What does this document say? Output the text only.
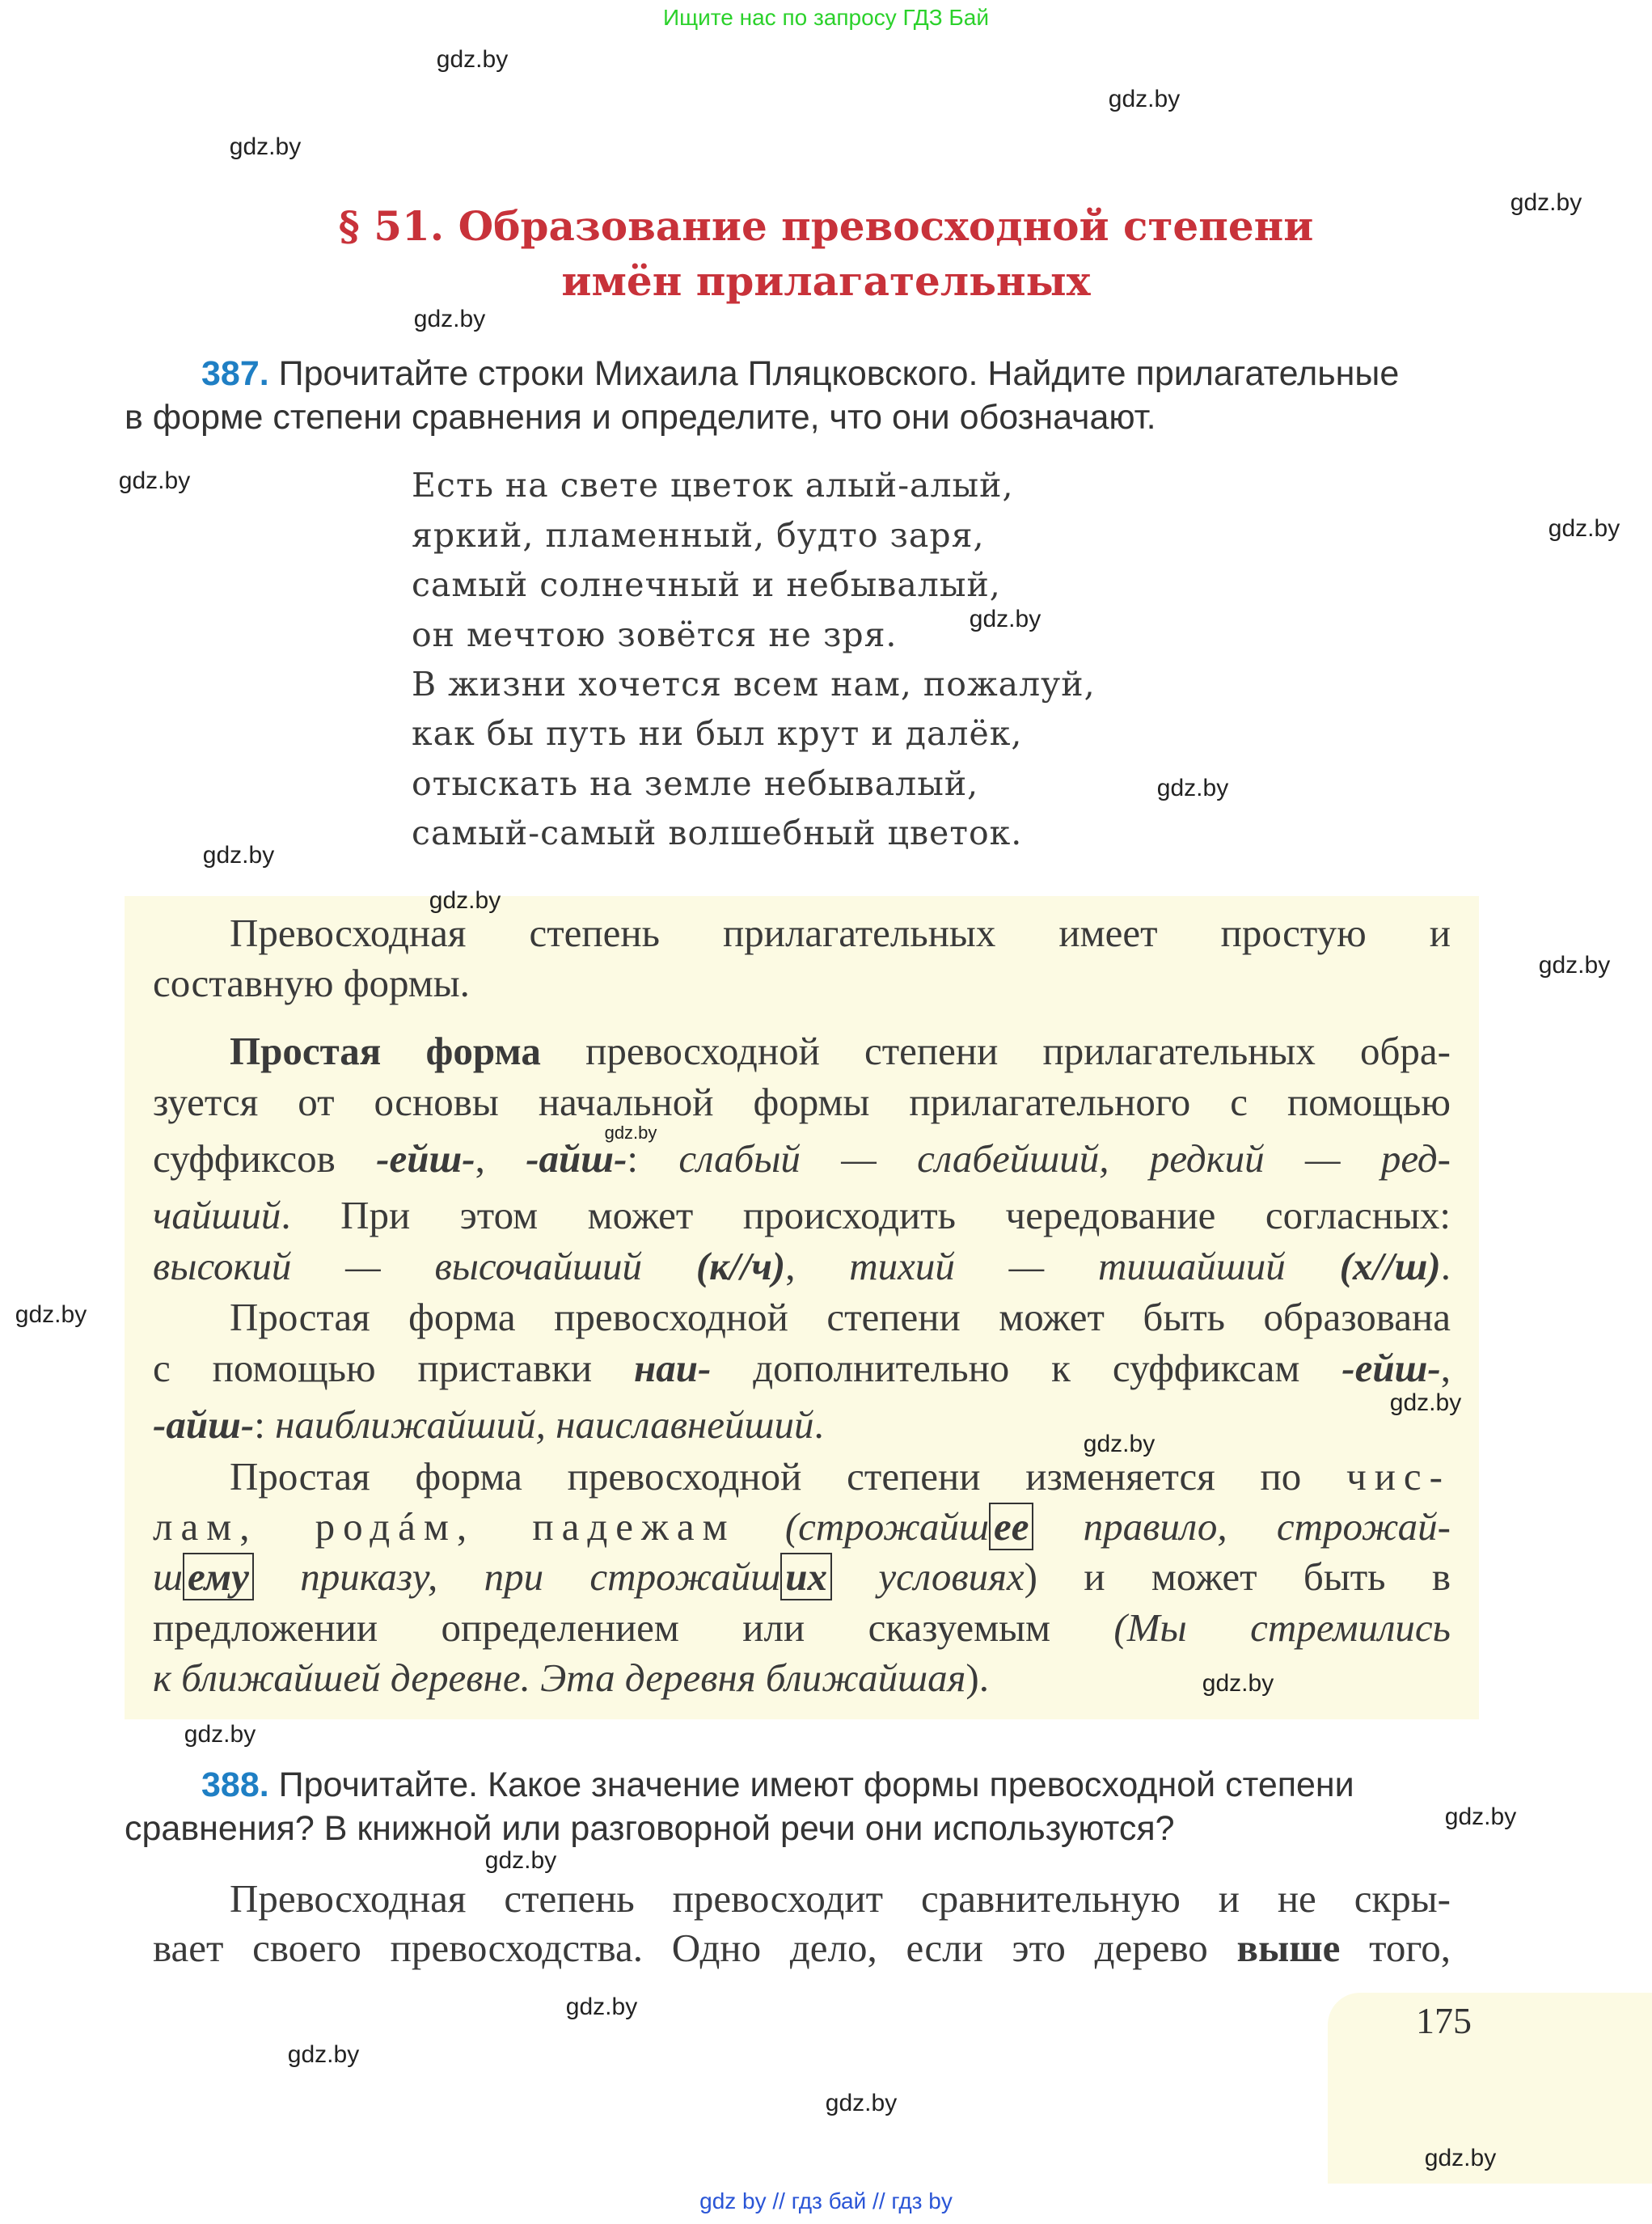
Ищите нас по запросу ГДЗ Бай
§ 51. Образование превосходной степени
имён прилагательных
387. Прочитайте строки Михаила Пляцковского. Найдите прилагательные
в форме степени сравнения и определите, что они обозначают.
Есть на свете цветок алый-алый,
яркий, пламенный, будто заря,
самый солнечный и небывалый,
он мечтою зовётся не зря.
В жизни хочется всем нам, пожалуй,
как бы путь ни был крут и далёк,
отыскать на земле небывалый,
самый-самый волшебный цветок.
Превосходная степень прилагательных имеет простую и
составную формы.
Простая форма превосходной степени прилагательных обра-
зуется от основы начальной формы прилагательного с помощью
суффиксов -ейш-, -айш-: слабый — слабейший, редкий — ред-
чайший. При этом может происходить чередование согласных:
высокий — высочайший (к//ч), тихий — тишайший (х//ш).
Простая форма превосходной степени может быть образована
с помощью приставки наи- дополнительно к суффиксам -ейш-,
-айш-: наиближайший, наиславнейший.
Простая форма превосходной степени изменяется по чис-
лам, родáм, падежам (строжайш ее правило, строжай-
ш ему приказу, при строжайш их условиях) и может быть в
предложении определением или сказуемым (Мы стремились
к ближайшей деревне. Эта деревня ближайшая).
388. Прочитайте. Какое значение имеют формы превосходной степени
сравнения? В книжной или разговорной речи они используются?
Превосходная степень превосходит сравнительную и не скры-
вает своего превосходства. Одно дело, если это дерево выше того,
175
gdz.by
gdz.by
gdz.by
gdz.by
gdz.by
gdz.by
gdz.by
gdz.by
gdz.by
gdz.by
gdz.by
gdz.by
gdz.by
gdz.by
gdz.by
gdz.by
gdz.by
gdz.by
gdz.by
gdz.by
gdz.by
gdz.by
gdz.by
gdz.by
gdz by // гдз бай // гдз by
